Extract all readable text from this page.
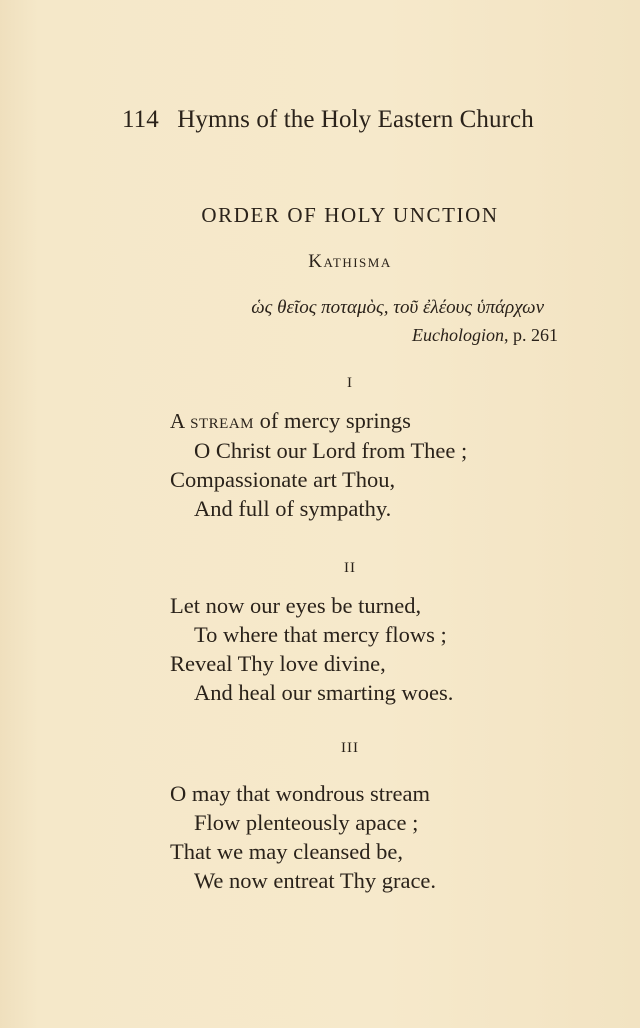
114 Hymns of the Holy Eastern Church
ORDER OF HOLY UNCTION
Kathisma
ὡς θεῖος ποταμὸς, τοῦ ἐλέους ὑπάρχων
Euchologion, p. 261
I
A stream of mercy springs
O Christ our Lord from Thee ;
Compassionate art Thou,
And full of sympathy.
II
Let now our eyes be turned,
To where that mercy flows ;
Reveal Thy love divine,
And heal our smarting woes.
III
O may that wondrous stream
Flow plenteously apace ;
That we may cleansed be,
We now entreat Thy grace.
